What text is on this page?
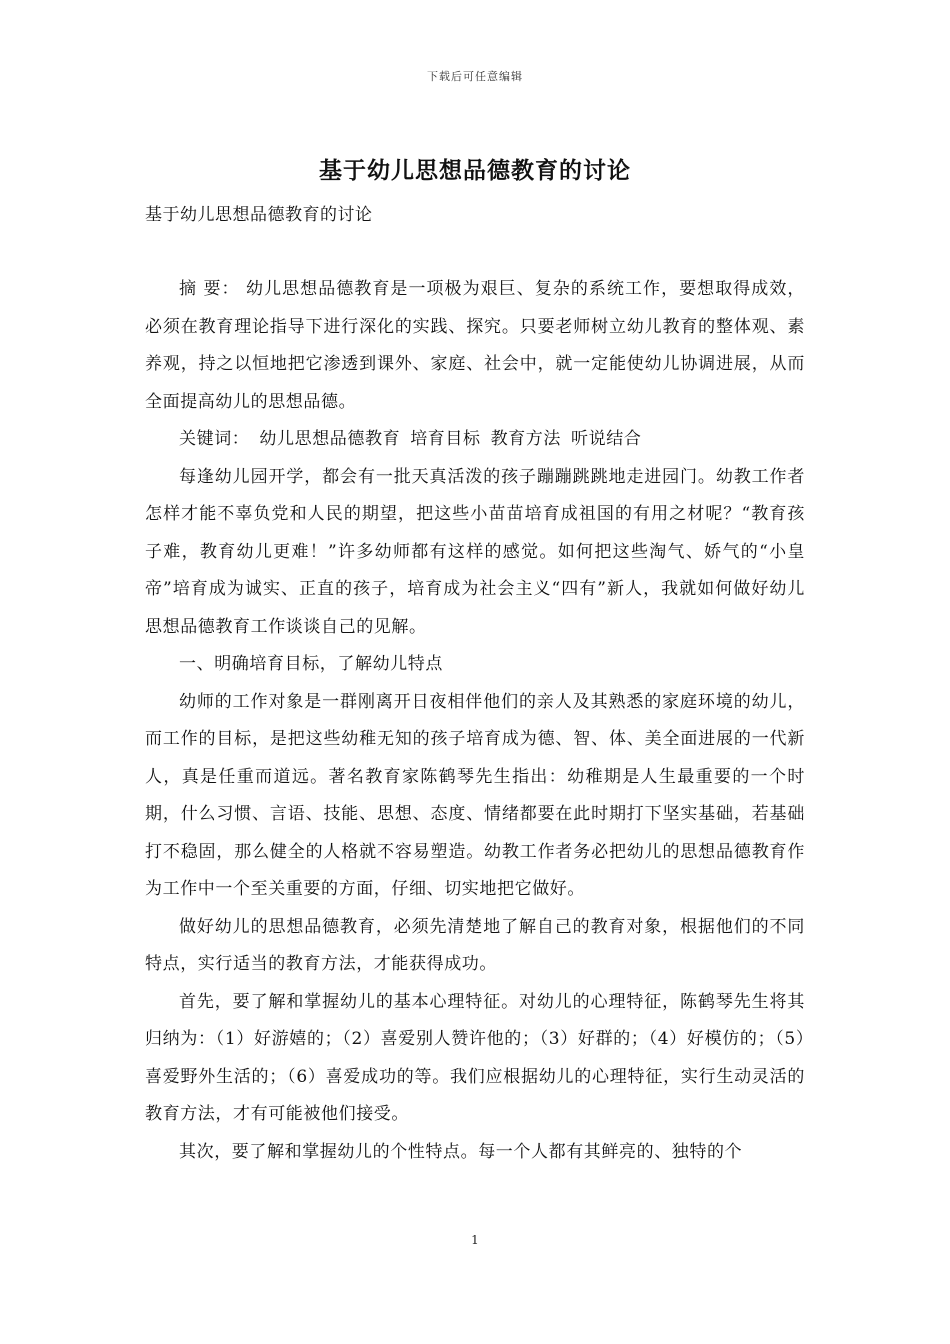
下载后可任意编辑
基于幼儿思想品德教育的讨论
基于幼儿思想品德教育的讨论

摘 要： 幼儿思想品德教育是一项极为艰巨、复杂的系统工作，要想取得成效，必须在教育理论指导下进行深化的实践、探究。只要老师树立幼儿教育的整体观、素养观，持之以恒地把它渗透到课外、家庭、社会中，就一定能使幼儿协调进展，从而全面提高幼儿的思想品德。

关键词： 幼儿思想品德教育 培育目标 教育方法 听说结合

每逢幼儿园开学，都会有一批天真活泼的孩子蹦蹦跳跳地走进园门。幼教工作者怎样才能不辜负党和人民的期望，把这些小苗苗培育成祖国的有用之材呢？“教育孩子难，教育幼儿更难！”许多幼师都有这样的感觉。如何把这些淘气、娇气的“小皇帝”培育成为诚实、正直的孩子，培育成为社会主义“四有”新人，我就如何做好幼儿思想品德教育工作谈谈自己的见解。

一、明确培育目标，了解幼儿特点

幼师的工作对象是一群刚离开日夜相伴他们的亲人及其熟悉的家庭环境的幼儿，而工作的目标，是把这些幼稚无知的孩子培育成为德、智、体、美全面进展的一代新人，真是任重而道远。著名教育家陈鹤琴先生指出：幼稚期是人生最重要的一个时期，什么习惯、言语、技能、思想、态度、情绪都要在此时期打下坚实基础，若基础打不稳固，那么健全的人格就不容易塑造。幼教工作者务必把幼儿的思想品德教育作为工作中一个至关重要的方面，仔细、切实地把它做好。

做好幼儿的思想品德教育，必须先清楚地了解自己的教育对象，根据他们的不同特点，实行适当的教育方法，才能获得成功。

首先，要了解和掌握幼儿的基本心理特征。对幼儿的心理特征，陈鹤琴先生将其归纳为：（1）好游嬉的；（2）喜爱别人赞许他的；（3）好群的；（4）好模仿的；（5）喜爱野外生活的；（6）喜爱成功的等。我们应根据幼儿的心理特征，实行生动灵活的教育方法，才有可能被他们接受。

其次，要了解和掌握幼儿的个性特点。每一个人都有其鲜亮的、独特的个

1
